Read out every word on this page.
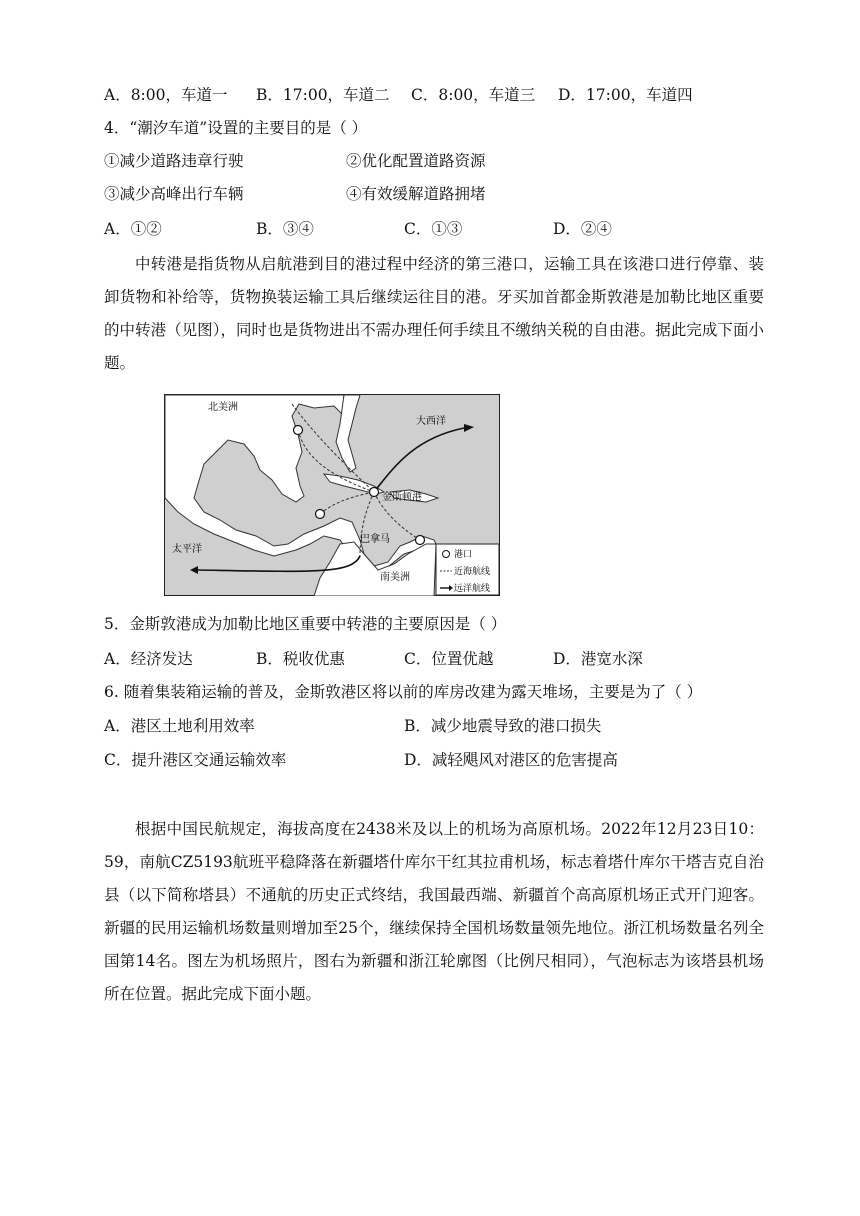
A．8:00，车道一 B．17:00，车道二 C．8:00，车道三 D．17:00，车道四
4．“潮汐车道”设置的主要目的是（ ）
①减少道路违章行驶	②优化配置道路资源
③减少高峰出行车辆	④有效缓解道路拥堵
A．①②	B．③④	C．①③	D．②④
中转港是指货物从启航港到目的港过程中经济的第三港口，运输工具在该港口进行停靠、装卸货物和补给等，货物换装运输工具后继续运往目的港。牙买加首都金斯敦港是加勒比地区重要的中转港（见图），同时也是货物进出不需办理任何手续且不缴纳关税的自由港。据此完成下面小题。
北美洲
大西洋
金斯顿港
巴拿马
太平洋
南美洲
港口
近海航线
远洋航线
5．金斯敦港成为加勒比地区重要中转港的主要原因是（ ）
A．经济发达	B．税收优惠	C．位置优越	D．港宽水深
6. 随着集装箱运输的普及，金斯敦港区将以前的库房改建为露天堆场，主要是为了（ ）
A．港区土地利用效率	B．减少地震导致的港口损失
C．提升港区交通运输效率	D．减轻飓风对港区的危害提高
根据中国民航规定，海拔高度在2438米及以上的机场为高原机场。2022年12月23日10：59，南航CZ5193航班平稳降落在新疆塔什库尔干红其拉甫机场，标志着塔什库尔干塔吉克自治县（以下简称塔县）不通航的历史正式终结，我国最西端、新疆首个高高原机场正式开门迎客。新疆的民用运输机场数量则增加至25个，继续保持全国机场数量领先地位。浙江机场数量名列全国第14名。图左为机场照片，图右为新疆和浙江轮廓图（比例尺相同），气泡标志为该塔县机场所在位置。据此完成下面小题。
